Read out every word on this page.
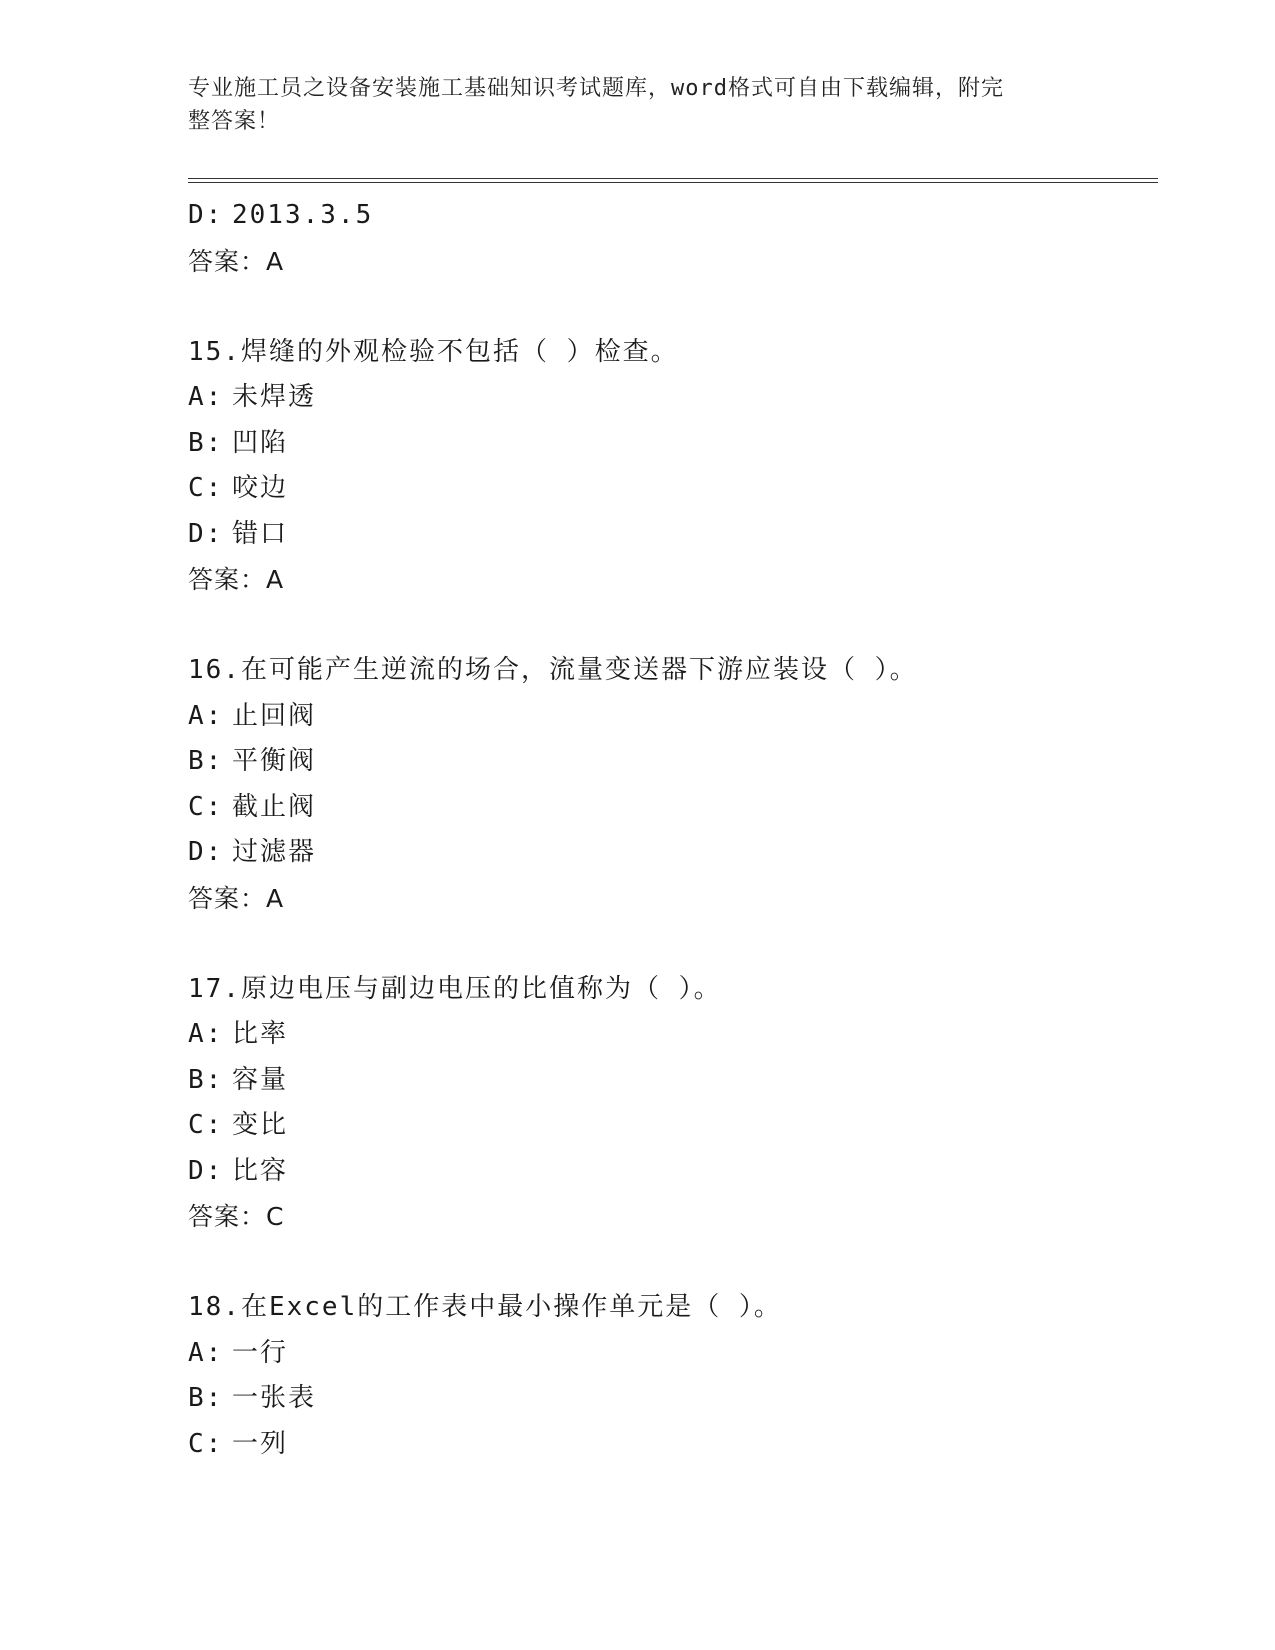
专业施工员之设备安装施工基础知识考试题库，word格式可自由下载编辑，附完
整答案！
D: 2013.3.5
答案：A
15.焊缝的外观检验不包括（ ）检查。
A: 未焊透
B: 凹陷
C: 咬边
D: 错口
答案：A
16.在可能产生逆流的场合，流量变送器下游应装设（ ）。
A: 止回阀
B: 平衡阀
C: 截止阀
D: 过滤器
答案：A
17.原边电压与副边电压的比值称为（ ）。
A: 比率
B: 容量
C: 变比
D: 比容
答案：C
18.在Excel的工作表中最小操作单元是（ ）。
A: 一行
B: 一张表
C: 一列
